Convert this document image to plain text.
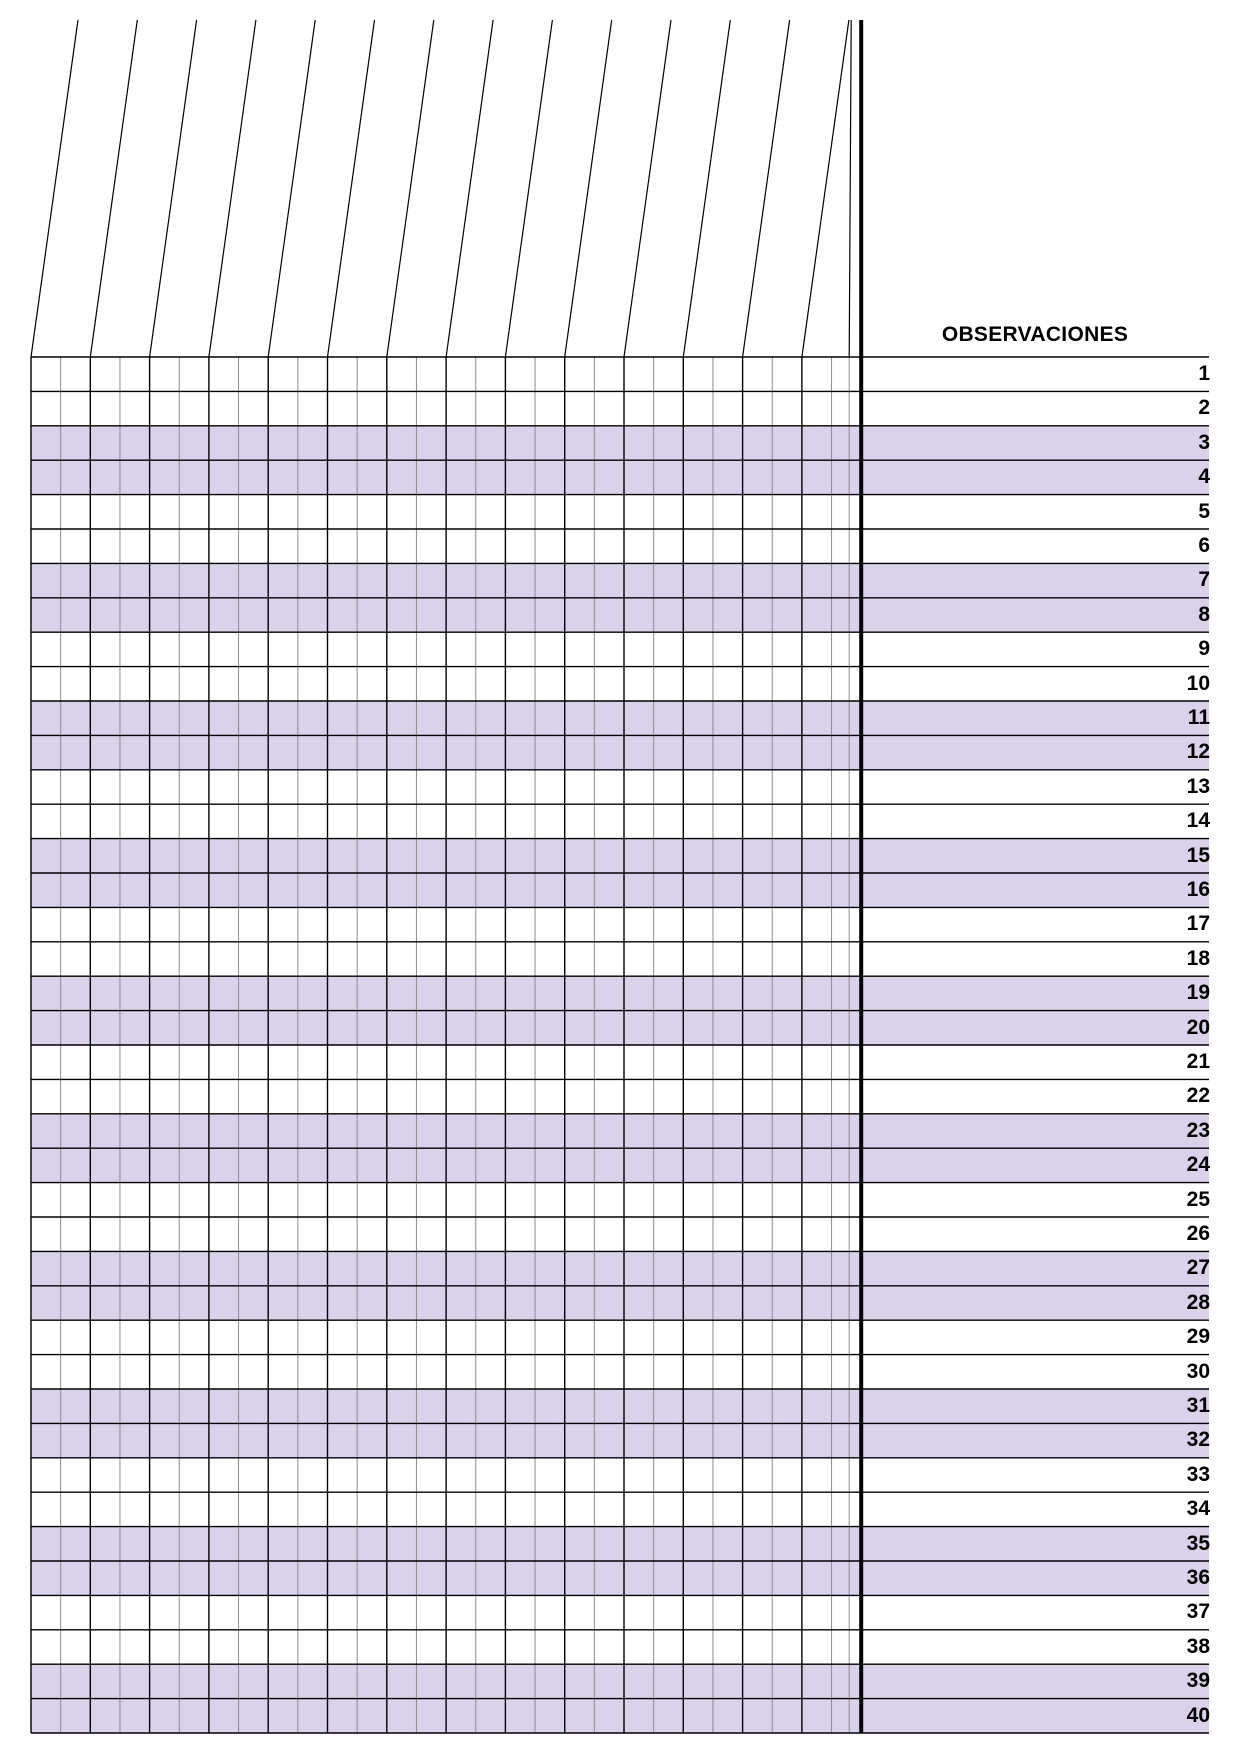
OBSERVACIONES
1
2
3
4
5
6
7
8
9
10
11
12
13
14
15
16
17
18
19
20
21
22
23
24
25
26
27
28
29
30
31
32
33
34
35
36
37
38
39
40
